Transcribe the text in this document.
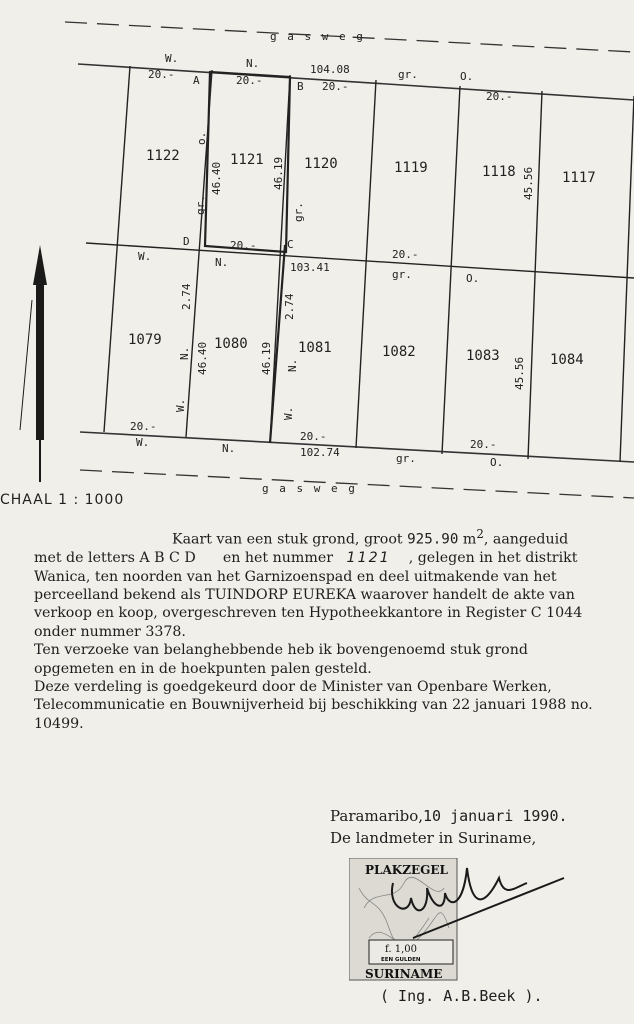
g a s w e g
g a s w e g
A	B
C
D
W.	N.
gr.	O.
W.	N.
gr.	O.
W.	N.
gr.	O.
104.08
103.41
102.74
20.-	20.-	20.-
20.-
20.-
20.-
20.-
20.-
20.-
46.40	46.19	45.56
46.40	46.19	45.56
2.74	2.74
o.
gr.	gr.
N.
N.
W.
W.
1122	1121	1120	1119	1118	1117
1079	1080	1081	1082	1083	1084
CHAAL 1 : 1000

Kaart van een stuk grond, groot 925.90 $m^2$, aangeduid

met de letters A B C D en het nummer 1121 , gelegen in het distrikt

Wanica, ten noorden van het Garnizoenspad en deel uitmakende van het perceelland bekend als TUINDORP EUREKA waarover handelt de akte van verkoop en koop, overgeschreven ten Hypotheekkantore in Register C 1044 onder nummer 3378.

Ten verzoeke van belanghebbende heb ik bovengenoemd stuk grond opgemeten en in de hoekpunten palen gesteld.

Deze verdeling is goedgekeurd door de Minister van Openbare Werken, Telecommunicatie en Bouwnijverheid bij beschikking van 22 januari 1988 no. 10499.

Paramaribo,10 januari 1990.
De landmeter in Suriname,
PLAKZEGEL
f. 1,00
EEN GULDEN
SURINAME
( Ing. A.B.Beek ).
